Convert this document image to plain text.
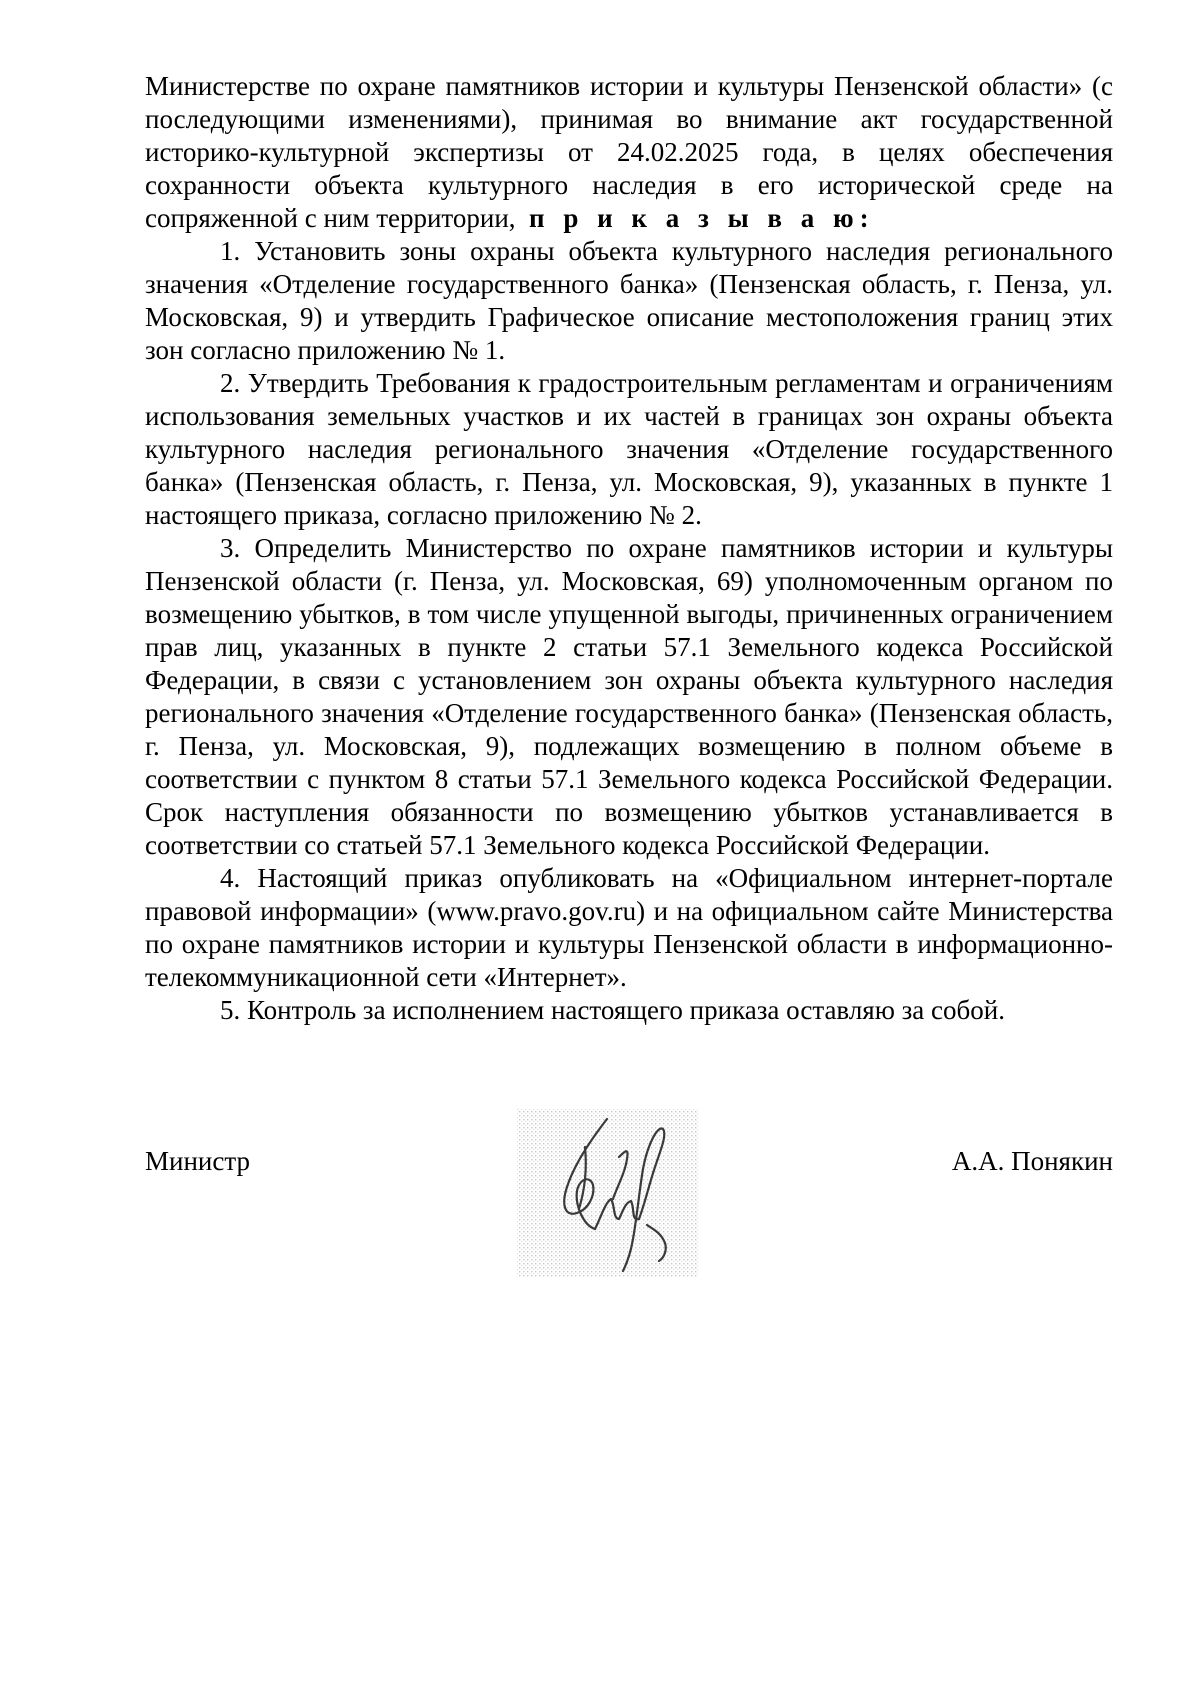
Министерстве по охране памятников истории и культуры Пензенской области» (с последующими изменениями), принимая во внимание акт государственной историко-культурной экспертизы от 24.02.2025 года, в целях обеспечения сохранности объекта культурного наследия в его исторической среде на сопряженной с ним территории, п р и к а з ы в а ю:

1. Установить зоны охраны объекта культурного наследия регионального значения «Отделение государственного банка» (Пензенская область, г. Пенза, ул. Московская, 9) и утвердить Графическое описание местоположения границ этих зон согласно приложению № 1.

2. Утвердить Требования к градостроительным регламентам и ограничениям использования земельных участков и их частей в границах зон охраны объекта культурного наследия регионального значения «Отделение государственного банка» (Пензенская область, г. Пенза, ул. Московская, 9), указанных в пункте 1 настоящего приказа, согласно приложению № 2.

3. Определить Министерство по охране памятников истории и культуры Пензенской области (г. Пенза, ул. Московская, 69) уполномоченным органом по возмещению убытков, в том числе упущенной выгоды, причиненных ограничением прав лиц, указанных в пункте 2 статьи 57.1 Земельного кодекса Российской Федерации, в связи с установлением зон охраны объекта культурного наследия регионального значения «Отделение государственного банка» (Пензенская область, г. Пенза, ул. Московская, 9), подлежащих возмещению в полном объеме в соответствии с пунктом 8 статьи 57.1 Земельного кодекса Российской Федерации. Срок наступления обязанности по возмещению убытков устанавливается в соответствии со статьей 57.1 Земельного кодекса Российской Федерации.

4. Настоящий приказ опубликовать на «Официальном интернет-портале правовой информации» (www.pravo.gov.ru) и на официальном сайте Министерства по охране памятников истории и культуры Пензенской области в информационно-телекоммуникационной сети «Интернет».

5. Контроль за исполнением настоящего приказа оставляю за собой.

Министр	А.А. Понякин
